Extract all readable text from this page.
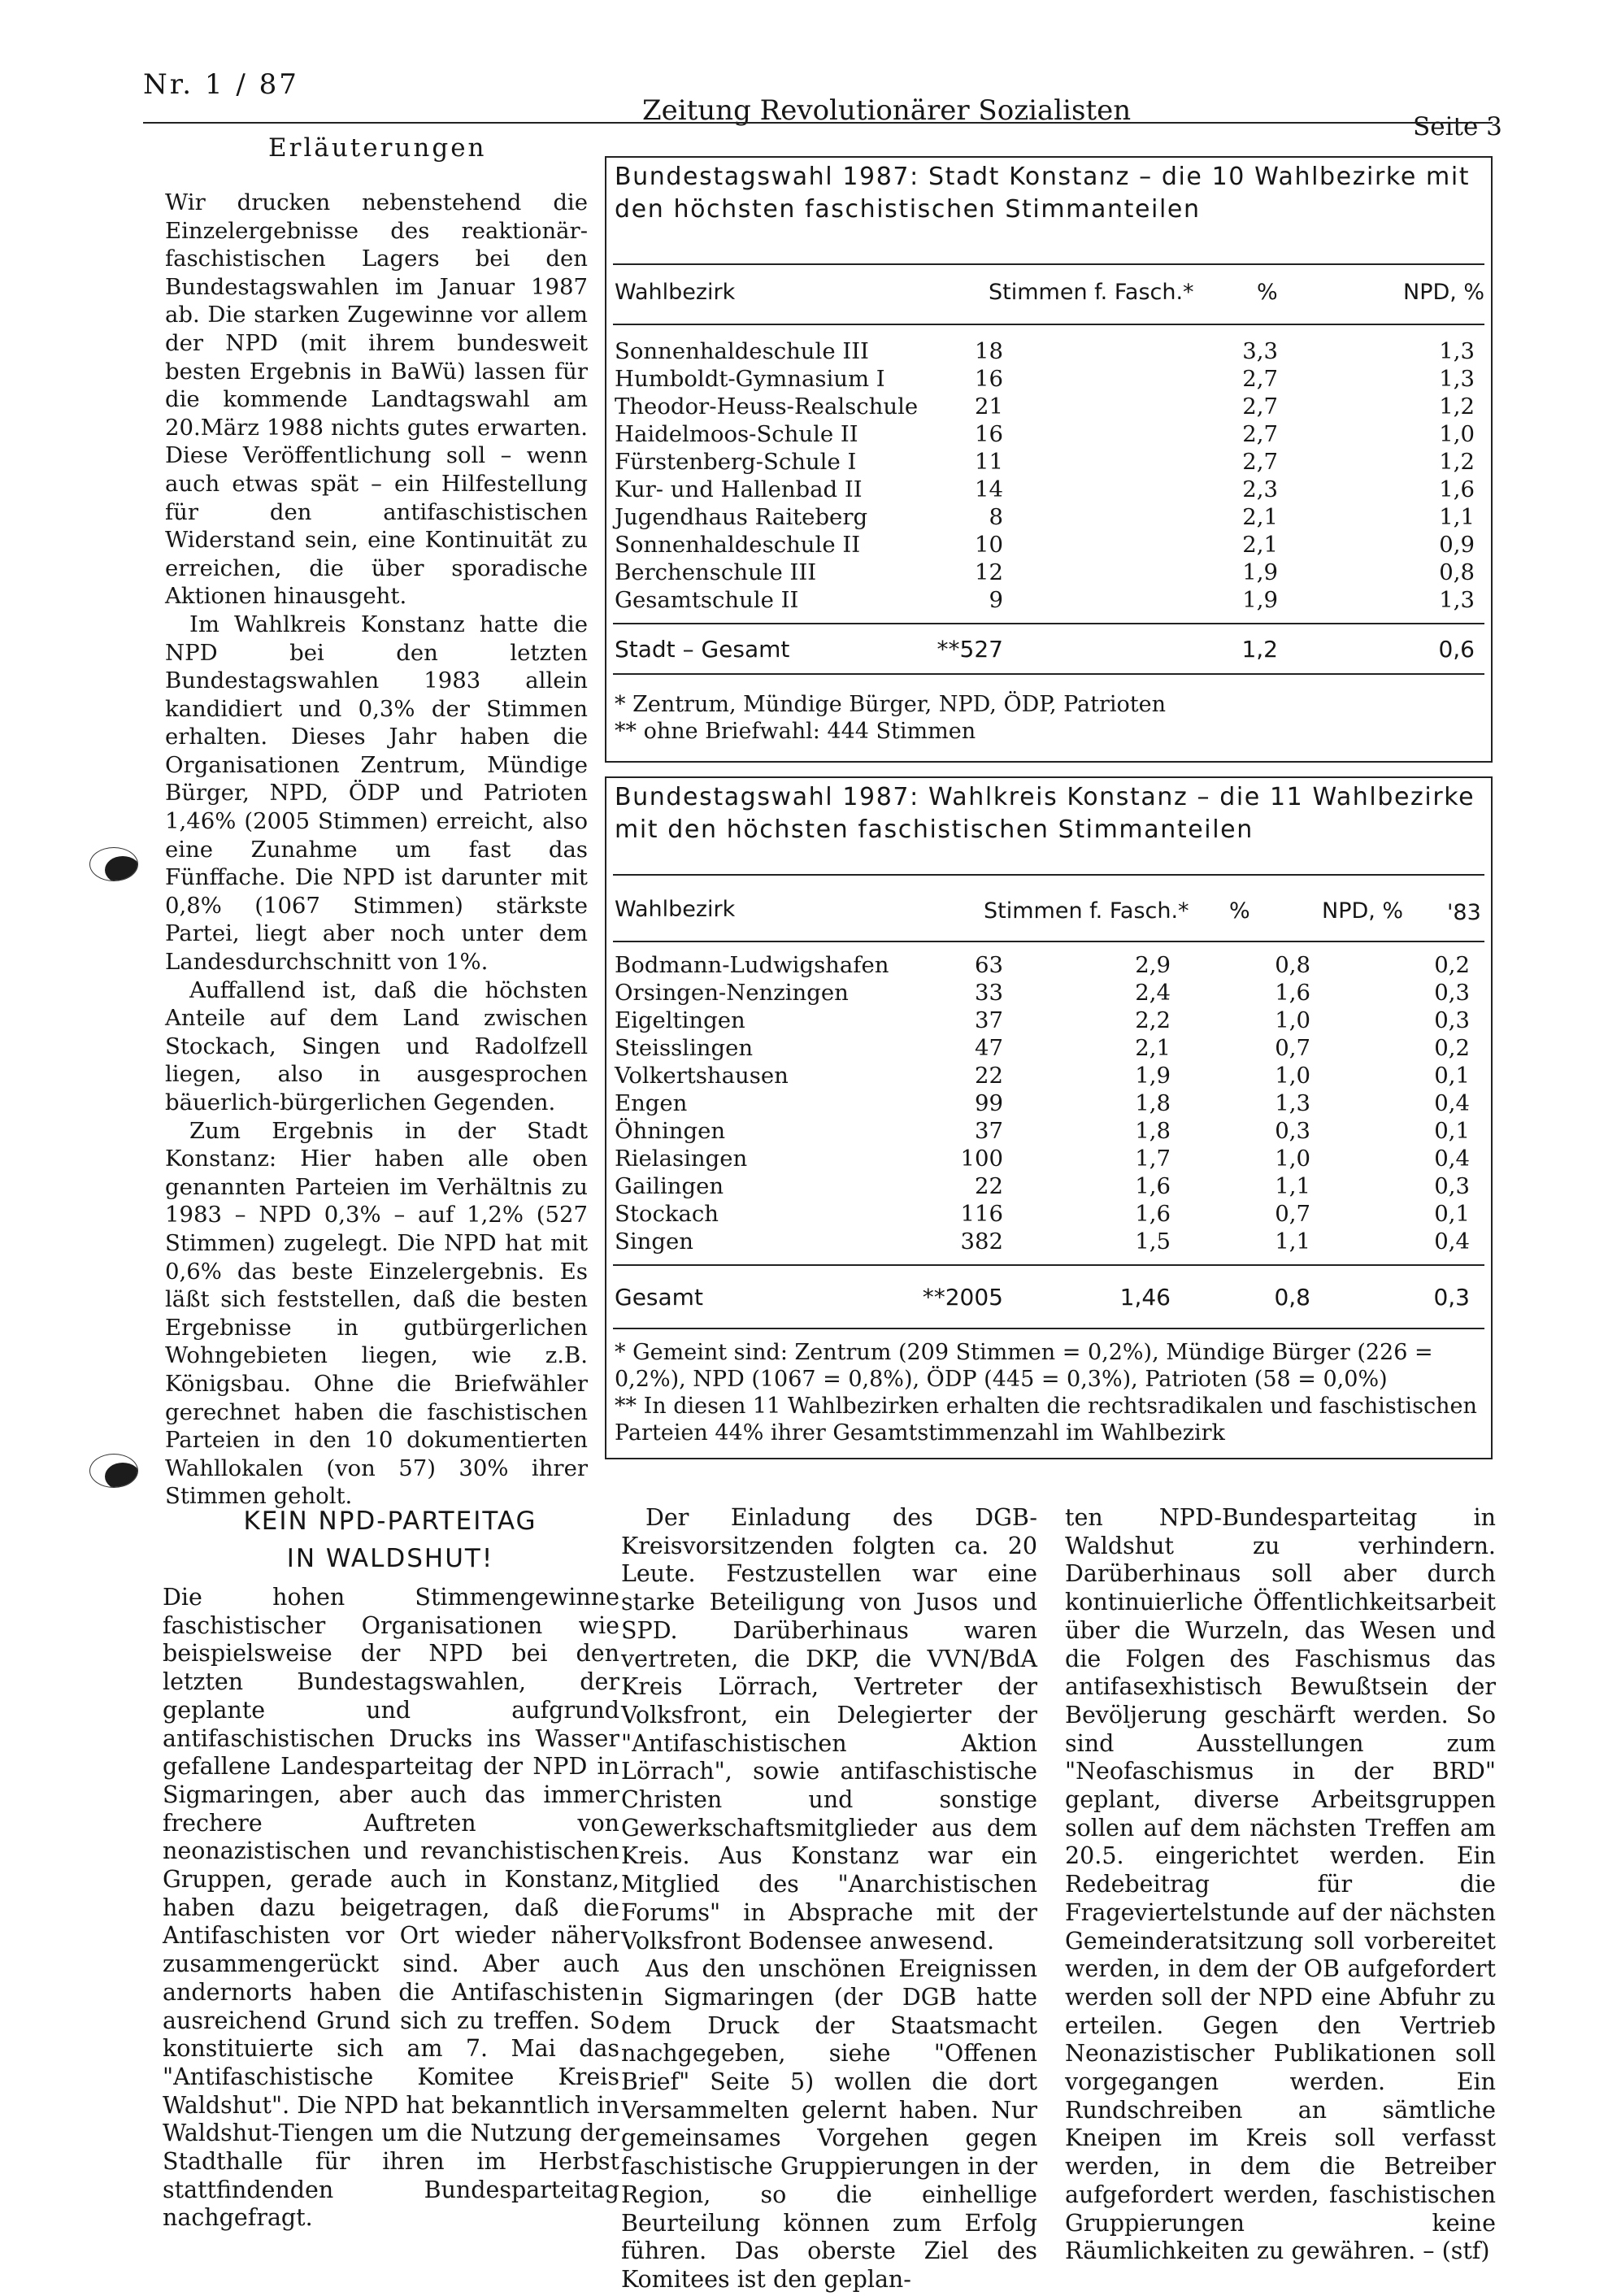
Nr. 1 / 87
Zeitung Revolutionärer Sozialisten	Seite 3
Erläuterungen

Wir drucken nebenstehend die Einzelergebnisse des reaktionär- faschistischen Lagers bei den Bundestagswahlen im Januar 1987 ab. Die starken Zugewinne vor allem der NPD (mit ihrem bundesweit besten Ergebnis in BaWü) lassen für die kommende Landtagswahl am 20.März 1988 nichts gutes erwarten. Diese Veröffentlichung soll – wenn auch etwas spät – ein Hilfestellung für den antifaschistischen Widerstand sein, eine Kontinuität zu erreichen, die über sporadische Aktionen hinausgeht.

Im Wahlkreis Konstanz hatte die NPD bei den letzten Bundestagswahlen 1983 allein kandidiert und 0,3% der Stimmen erhalten. Dieses Jahr haben die Organisationen Zentrum, Mündige Bürger, NPD, ÖDP und Patrioten 1,46% (2005 Stimmen) erreicht, also eine Zunahme um fast das Fünffache. Die NPD ist darunter mit 0,8% (1067 Stimmen) stärkste Partei, liegt aber noch unter dem Landesdurchschnitt von 1%.

Auffallend ist, daß die höchsten Anteile auf dem Land zwischen Stockach, Singen und Radolfzell liegen, also in ausgesprochen bäuerlich-bürgerlichen Gegenden.

Zum Ergebnis in der Stadt Konstanz: Hier haben alle oben genannten Parteien im Verhältnis zu 1983 – NPD 0,3% – auf 1,2% (527 Stimmen) zugelegt. Die NPD hat mit 0,6% das beste Einzelergebnis. Es läßt sich feststellen, daß die besten Ergebnisse in gutbürgerlichen Wohngebieten liegen, wie z.B. Königsbau. Ohne die Briefwähler gerechnet haben die faschistischen Parteien in den 10 dokumentierten Wahllokalen (von 57) 30% ihrer Stimmen geholt.

Bundestagswahl 1987: Stadt Konstanz – die 10 Wahlbezirke mit den höchsten faschistischen Stimmanteilen
Wahlbezirk	Stimmen f. Fasch.*	%	NPD, %
Sonnenhaldeschule III	18	3,3	1,3
Humboldt-Gymnasium I	16	2,7	1,3
Theodor-Heuss-Realschule	21	2,7	1,2
Haidelmoos-Schule II	16	2,7	1,0
Fürstenberg-Schule I	11	2,7	1,2
Kur- und Hallenbad II	14	2,3	1,6
Jugendhaus Raiteberg	8	2,1	1,1
Sonnenhaldeschule II	10	2,1	0,9
Berchenschule III	12	1,9	0,8
Gesamtschule II	9	1,9	1,3
Stadt – Gesamt	**527	1,2	0,6
* Zentrum, Mündige Bürger, NPD, ÖDP, Patrioten
** ohne Briefwahl: 444 Stimmen
Bundestagswahl 1987: Wahlkreis Konstanz – die 11 Wahlbezirke mit den höchsten faschistischen Stimmanteilen
Wahlbezirk	Stimmen f. Fasch.* %	NPD, % '83
Bodmann-Ludwigshafen	63	2,9	0,8	0,2
Orsingen-Nenzingen	33	2,4	1,6	0,3
Eigeltingen	37	2,2	1,0	0,3
Steisslingen	47	2,1	0,7	0,2
Volkertshausen	22	1,9	1,0	0,1
Engen	99	1,8	1,3	0,4
Öhningen	37	1,8	0,3	0,1
Rielasingen	100	1,7	1,0	0,4
Gailingen	22	1,6	1,1	0,3
Stockach	116	1,6	0,7	0,1
Singen	382	1,5	1,1	0,4
Gesamt	**2005	1,46	0,8	0,3
* Gemeint sind: Zentrum (209 Stimmen = 0,2%), Mündige Bürger (226 = 0,2%), NPD (1067 = 0,8%), ÖDP (445 = 0,3%), Patrioten (58 = 0,0%)
** In diesen 11 Wahlbezirken erhalten die rechtsradikalen und faschistischen Parteien 44% ihrer Gesamtstimmenzahl im Wahlbezirk
KEIN NPD-PARTEITAG
IN WALDSHUT!

Die hohen Stimmengewinne faschistischer Organisationen wie beispielsweise der NPD bei den letzten Bundestagswahlen, der geplante und aufgrund antifaschistischen Drucks ins Wasser gefallene Landesparteitag der NPD in Sigmaringen, aber auch das immer frechere Auftreten von neonazistischen und revanchistischen Gruppen, gerade auch in Konstanz, haben dazu beigetragen, daß die Antifaschisten vor Ort wieder näher zusammengerückt sind. Aber auch andernorts haben die Antifaschisten ausreichend Grund sich zu treffen. So konstituierte sich am 7. Mai das "Antifaschistische Komitee Kreis Waldshut". Die NPD hat bekanntlich in Waldshut-Tiengen um die Nutzung der Stadthalle für ihren im Herbst stattfindenden Bundesparteitag nachgefragt.

Der Einladung des DGB-Kreisvorsitzenden folgten ca. 20 Leute. Festzustellen war eine starke Beteiligung von Jusos und SPD. Darüberhinaus waren vertreten, die DKP, die VVN/BdA Kreis Lörrach, Vertreter der Volksfront, ein Delegierter der "Antifaschistischen Aktion Lörrach", sowie antifaschistische Christen und sonstige Gewerkschaftsmitglieder aus dem Kreis. Aus Konstanz war ein Mitglied des "Anarchistischen Forums" in Absprache mit der Volksfront Bodensee anwesend.

Aus den unschönen Ereignissen in Sigmaringen (der DGB hatte dem Druck der Staatsmacht nachgegeben, siehe "Offenen Brief" Seite 5) wollen die dort Versammelten gelernt haben. Nur gemeinsames Vorgehen gegen faschistische Gruppierungen in der Region, so die einhellige Beurteilung können zum Erfolg führen. Das oberste Ziel des Komitees ist den geplan-

ten NPD-Bundesparteitag in Waldshut zu verhindern. Darüberhinaus soll aber durch kontinuierliche Öffentlichkeitsarbeit über die Wurzeln, das Wesen und die Folgen des Faschismus das antifasexhistisch Bewußtsein der Bevöljerung geschärft werden. So sind Ausstellungen zum "Neofaschismus in der BRD" geplant, diverse Arbeitsgruppen sollen auf dem nächsten Treffen am 20.5. eingerichtet werden. Ein Redebeitrag für die Frageviertelstunde auf der nächsten Gemeinderatsitzung soll vorbereitet werden, in dem der OB aufgefordert werden soll der NPD eine Abfuhr zu erteilen. Gegen den Vertrieb Neonazistischer Publikationen soll vorgegangen werden. Ein Rundschreiben an sämtliche Kneipen im Kreis soll verfasst werden, in dem die Betreiber aufgefordert werden, faschistischen Gruppierungen keine Räumlichkeiten zu gewähren. – (stf)
